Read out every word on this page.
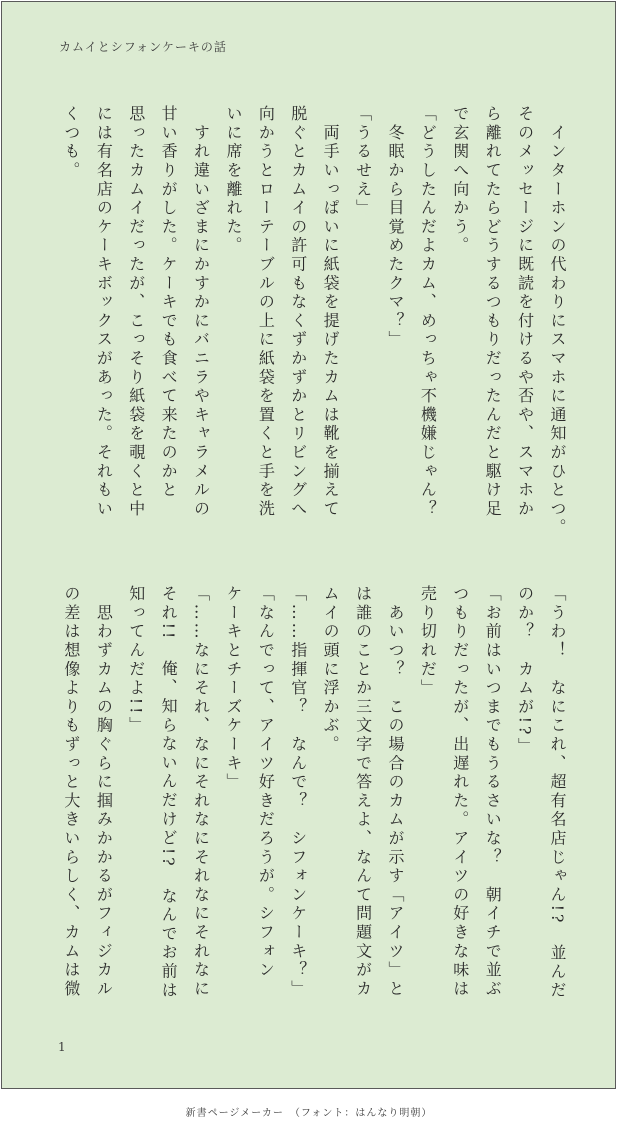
カムイとシフォンケーキの話
　インターホンの代わりにスマホに通知がひとつ。
そのメッセージに既読を付けるや否や、スマホか
ら離れてたらどうするつもりだったんだと駆け足
で玄関へ向かう。
「どうしたんだよカム、めっちゃ不機嫌じゃん？
　冬眠から目覚めたクマ？」
「うるせえ」
　両手いっぱいに紙袋を提げたカムは靴を揃えて
脱ぐとカムイの許可もなくずかずかとリビングへ
向かうとローテーブルの上に紙袋を置くと手を洗
いに席を離れた。
　すれ違いざまにかすかにバニラやキャラメルの
甘い香りがした。ケーキでも食べて来たのかと
思ったカムイだったが、こっそり紙袋を覗くと中
には有名店のケーキボックスがあった。それもい
くつも。
「うわ！　なにこれ、超有名店じゃん!?　並んだ
のか？　カムが!?」
「お前はいつまでもうるさいな？　朝イチで並ぶ
つもりだったが、出遅れた。アイツの好きな味は
売り切れだ」
　あいつ？　この場合のカムが示す「アイツ」と
は誰のことか三文字で答えよ、なんて問題文がカ
ムイの頭に浮かぶ。
「……指揮官？　なんで？　シフォンケーキ？」
「なんでって、アイツ好きだろうが。シフォン
ケーキとチーズケーキ」
「……なにそれ、なにそれなにそれなにそれなに
それ!!　俺、知らないんだけど!?　なんでお前は
知ってんだよ!!」
　思わずカムの胸ぐらに掴みかかるがフィジカル
の差は想像よりもずっと大きいらしく、カムは微
1
新書ページメーカー　（フォント：はんなり明朝）
